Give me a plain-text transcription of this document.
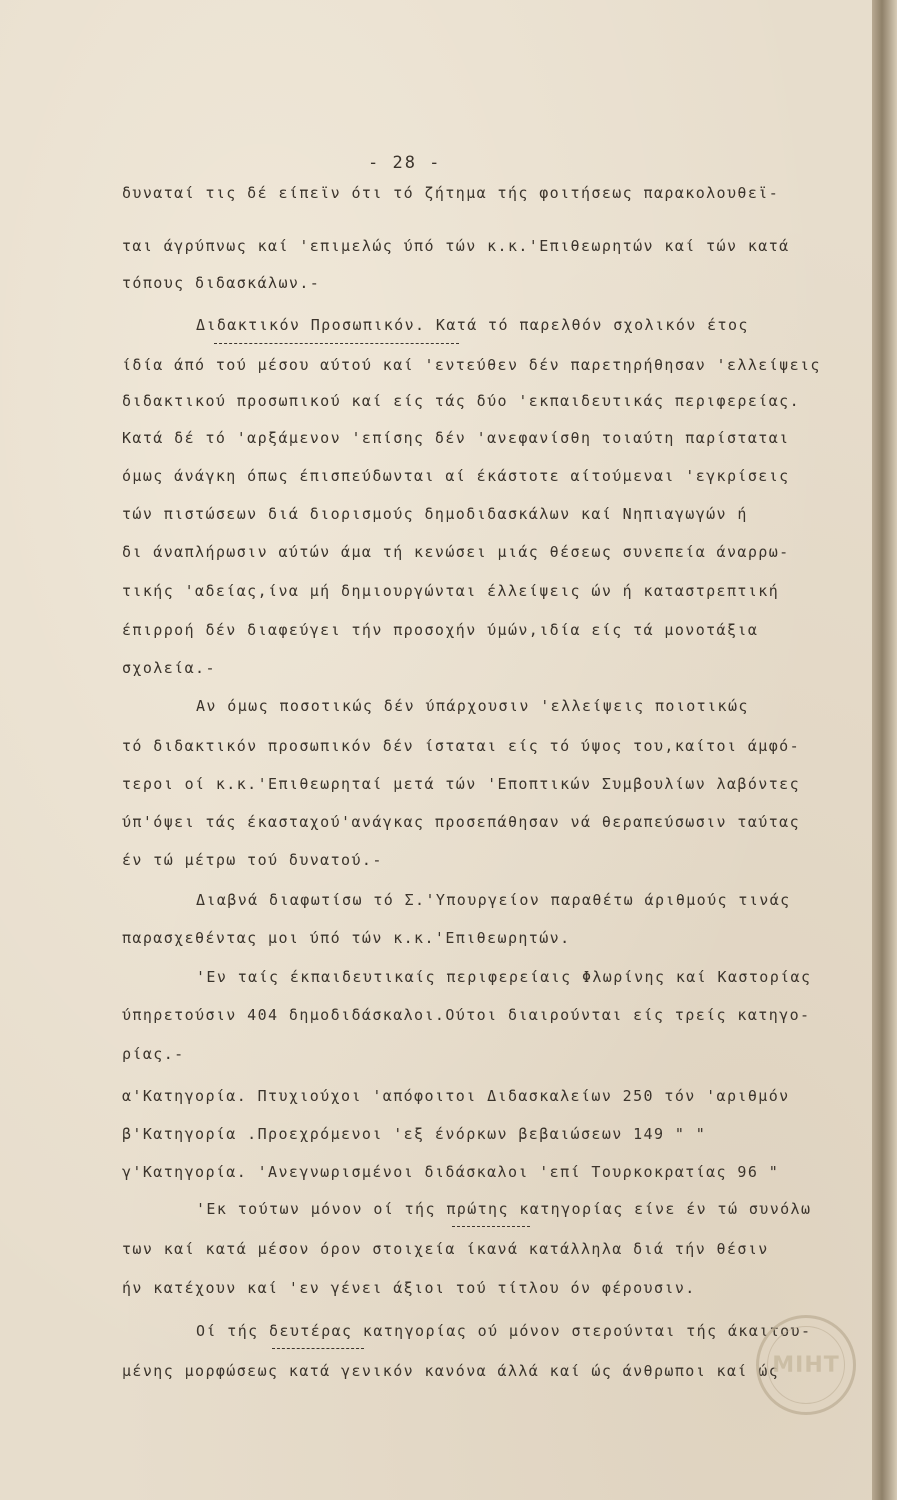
- 28 -
δυναταί τις δέ είπεϊν ότι τό ζήτημα τής φοιτήσεως παρακολουθεϊ-
ται άγρύπνως καί 'επιμελώς ύπό τών κ.κ.'Επιθεωρητών καί τών κατά
τόπους διδασκάλων.-
Διδακτικόν Προσωπικόν. Κατά τό παρελθόν σχολικόν έτος
ίδία άπό τού μέσου αύτού καί 'εντεύθεν δέν παρετηρήθησαν 'ελλείψεις
διδακτικού προσωπικού καί είς τάς δύο 'εκπαιδευτικάς περιφερείας.
Κατά δέ τό 'αρξάμενον 'επίσης δέν 'ανεφανίσθη τοιαύτη παρίσταται
όμως άνάγκη όπως έπισπεύδωνται αί έκάστοτε αίτούμεναι 'εγκρίσεις
τών πιστώσεων διά διορισμούς δημοδιδασκάλων καί Νηπιαγωγών ή
δι άναπλήρωσιν αύτών άμα τή κενώσει μιάς θέσεως συνεπεία άναρρω-
τικής 'αδείας,ίνα μή δημιουργώνται έλλείψεις ών ή καταστρεπτική
έπιρροή δέν διαφεύγει τήν προσοχήν ύμών,ιδία είς τά μονοτάξια
σχολεία.-
Αν όμως ποσοτικώς δέν ύπάρχουσιν 'ελλείψεις ποιοτικώς
τό διδακτικόν προσωπικόν δέν ίσταται είς τό ύψος του,καίτοι άμφό-
τεροι οί κ.κ.'Επιθεωρηταί μετά τών 'Εποπτικών Συμβουλίων λαβόντες
ύπ'όψει τάς έκασταχού'ανάγκας προσεπάθησαν νά θεραπεύσωσιν ταύτας
έν τώ μέτρω τού δυνατού.-
Διαβνά διαφωτίσω τό Σ.'Υπουργείον παραθέτω άριθμούς τινάς
παρασχεθέντας μοι ύπό τών κ.κ.'Επιθεωρητών.
'Εν ταίς έκπαιδευτικαίς περιφερείαις Φλωρίνης καί Καστορίας
ύπηρετούσιν 404 δημοδιδάσκαλοι.Ούτοι διαιρούνται είς τρείς κατηγο-
ρίας.-
α'Κατηγορία. Πτυχιούχοι 'απόφοιτοι Διδασκαλείων 250 τόν 'αριθμόν
β'Κατηγορία .Προεχρόμενοι 'εξ ένόρκων βεβαιώσεων 149 " "
γ'Κατηγορία. 'Ανεγνωρισμένοι διδάσκαλοι 'επί Τουρκοκρατίας 96 "
'Εκ τούτων μόνον οί τής πρώτης κατηγορίας είνε έν τώ συνόλω
των καί κατά μέσον όρον στοιχεία ίκανά κατάλληλα διά τήν θέσιν
ήν κατέχουν καί 'εν γένει άξιοι τού τίτλου όν φέρουσιν.
Οί τής δευτέρας κατηγορίας ού μόνον στερούνται τής άκαιτου-
μένης μορφώσεως κατά γενικόν κανόνα άλλά καί ώς άνθρωποι καί ώς
ΜΙΗΤ
